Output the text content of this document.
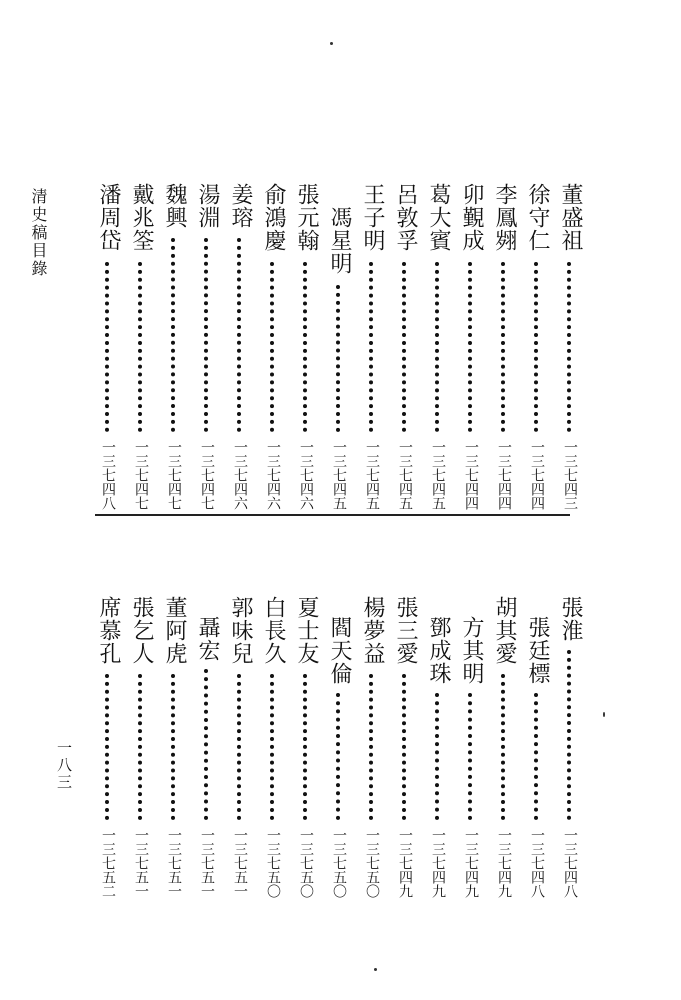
清史稿目錄
一八三
董盛祖
一三七四三
徐守仁
一三七四四
李鳳翙
一三七四四
卯覲成
一三七四四
葛大賓
一三七四五
呂敦孚
一三七四五
王子明
一三七四五
馮星明
一三七四五
張元翰
一三七四六
俞鴻慶
一三七四六
姜瑢
一三七四六
湯淵
一三七四七
魏興
一三七四七
戴兆筌
一三七四七
潘周岱
一三七四八
張淮
一三七四八
張廷標
一三七四八
胡其愛
一三七四九
方其明
一三七四九
鄧成珠
一三七四九
張三愛
一三七四九
楊夢益
一三七五〇
閻天倫
一三七五〇
夏士友
一三七五〇
白長久
一三七五〇
郭味兒
一三七五一
聶宏
一三七五一
董阿虎
一三七五一
張乞人
一三七五一
席慕孔
一三七五二
